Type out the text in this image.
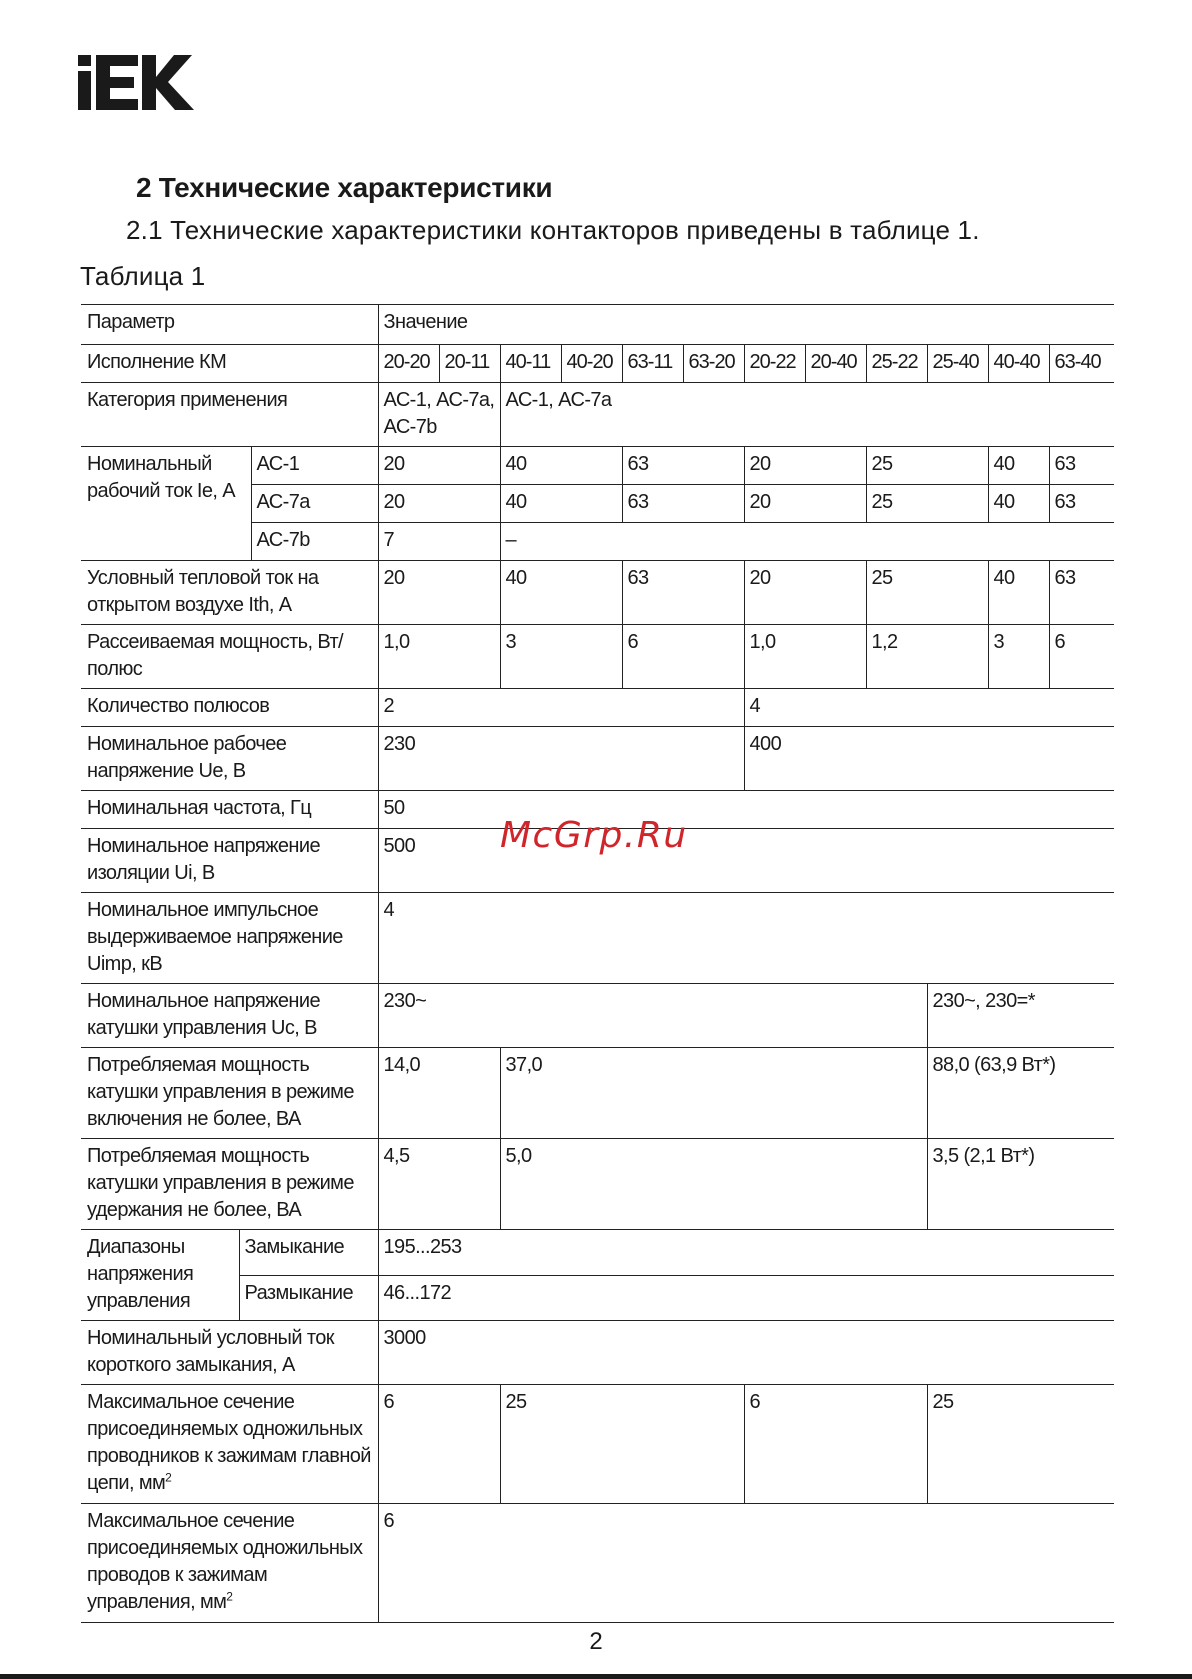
2 Технические характеристики

2.1 Технические характеристики контакторов приведены в таблице 1.

Таблица 1

Параметр			Значение											
Исполнение КМ			20-20	20-11	40-11	40-20	63-11	63-20	20-22	20-40	25-22	25-40	40-40	63-40
Категория применения			АС-1, АС-7а, АС-7b		АС-1, АС-7а									
Номинальный рабочий ток Ie, А		АС-1	20		40		63		20		25		40	63
		АС-7а	20		40		63		20		25		40	63
		АС-7b	7		–									
Условный тепловой ток на открытом воздухе Ith, А			20		40		63		20		25		40	63
Рассеиваемая мощность, Вт/ полюс			1,0		3		6		1,0		1,2		3	6
Количество полюсов			2						4					
Номинальное рабочее напряжение Ue, В			230						400					
Номинальная частота, Гц			50											
Номинальное напряжение изоляции Ui, В			500											
Номинальное импульсное выдерживаемое напряжение Uimp, кВ			4											
Номинальное напряжение катушки управления Uc, В			230~									230~, 230=*		
Потребляемая мощность катушки управления в режиме включения не более, ВА			14,0		37,0							88,0 (63,9 Вт*)		
Потребляемая мощность катушки управления в режиме удержания не более, ВА			4,5		5,0							3,5 (2,1 Вт*)		
Диапазоны напряжения управления	Замыкание		195...253											
	Размыкание		46...172											
Номинальный условный ток короткого замыкания, А			3000											
Максимальное сечение присоединяемых одножильных проводников к зажимам главной цепи, $мм^2$			6		25				6			25		
Максимальное сечение присоединяемых одножильных проводов к зажимам управления, $мм^2$			6											

McGrp.Ru

2
